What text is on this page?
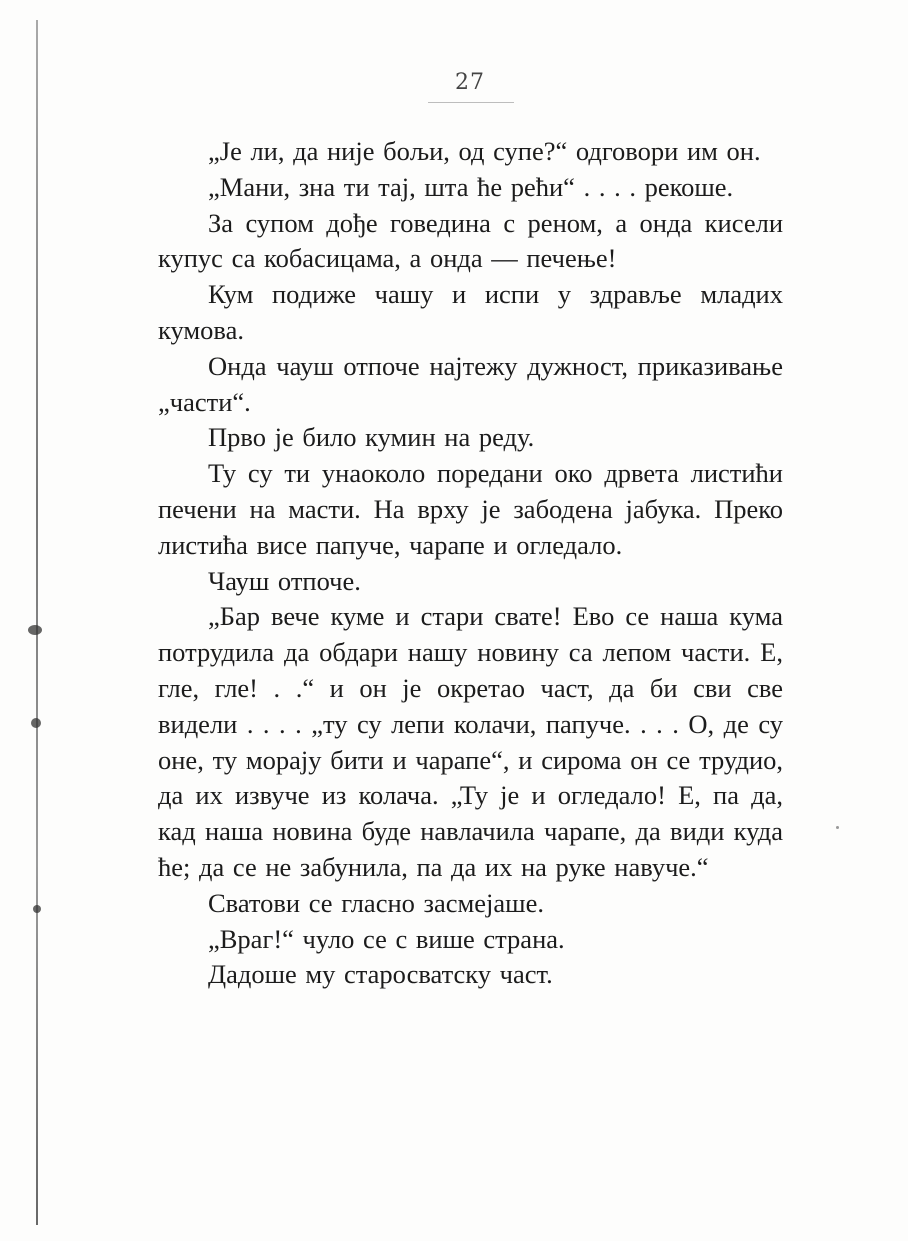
27

„Је ли, да није бољи, од супе?“ одговори им он.

„Мани, зна ти тај, шта ће рећи“ . . . . рекоше.

За супом дође говедина с реном, а онда кисели купус са кобасицама, а онда — печење!

Кум подиже чашу и испи у здравље младих кумова.

Онда чауш отпоче најтежу дужност, приказивање „части“.

Прво је било кумин на реду.

Ту су ти унаоколо поредани око дрвета листићи печени на масти. На врху је забодена јабука. Преко листића висе папуче, чарапе и огледало.

Чауш отпоче.

„Бар вече куме и стари свате! Ево се наша кума потрудила да обдари нашу новину са лепом части. Е, гле, гле! . .“ и он је окретао част, да би сви све видели . . . . „ту су лепи колачи, папуче. . . . О, де су оне, ту морају бити и чарапе“, и сирома он се трудио, да их извуче из колача. „Ту је и огледало! Е, па да, кад наша новина буде навлачила чарапе, да види куда ће; да се не забунила, па да их на руке навуче.“

Сватови се гласно засмејаше.

„Враг!“ чуло се с више страна.

Дадоше му старосватску част.
